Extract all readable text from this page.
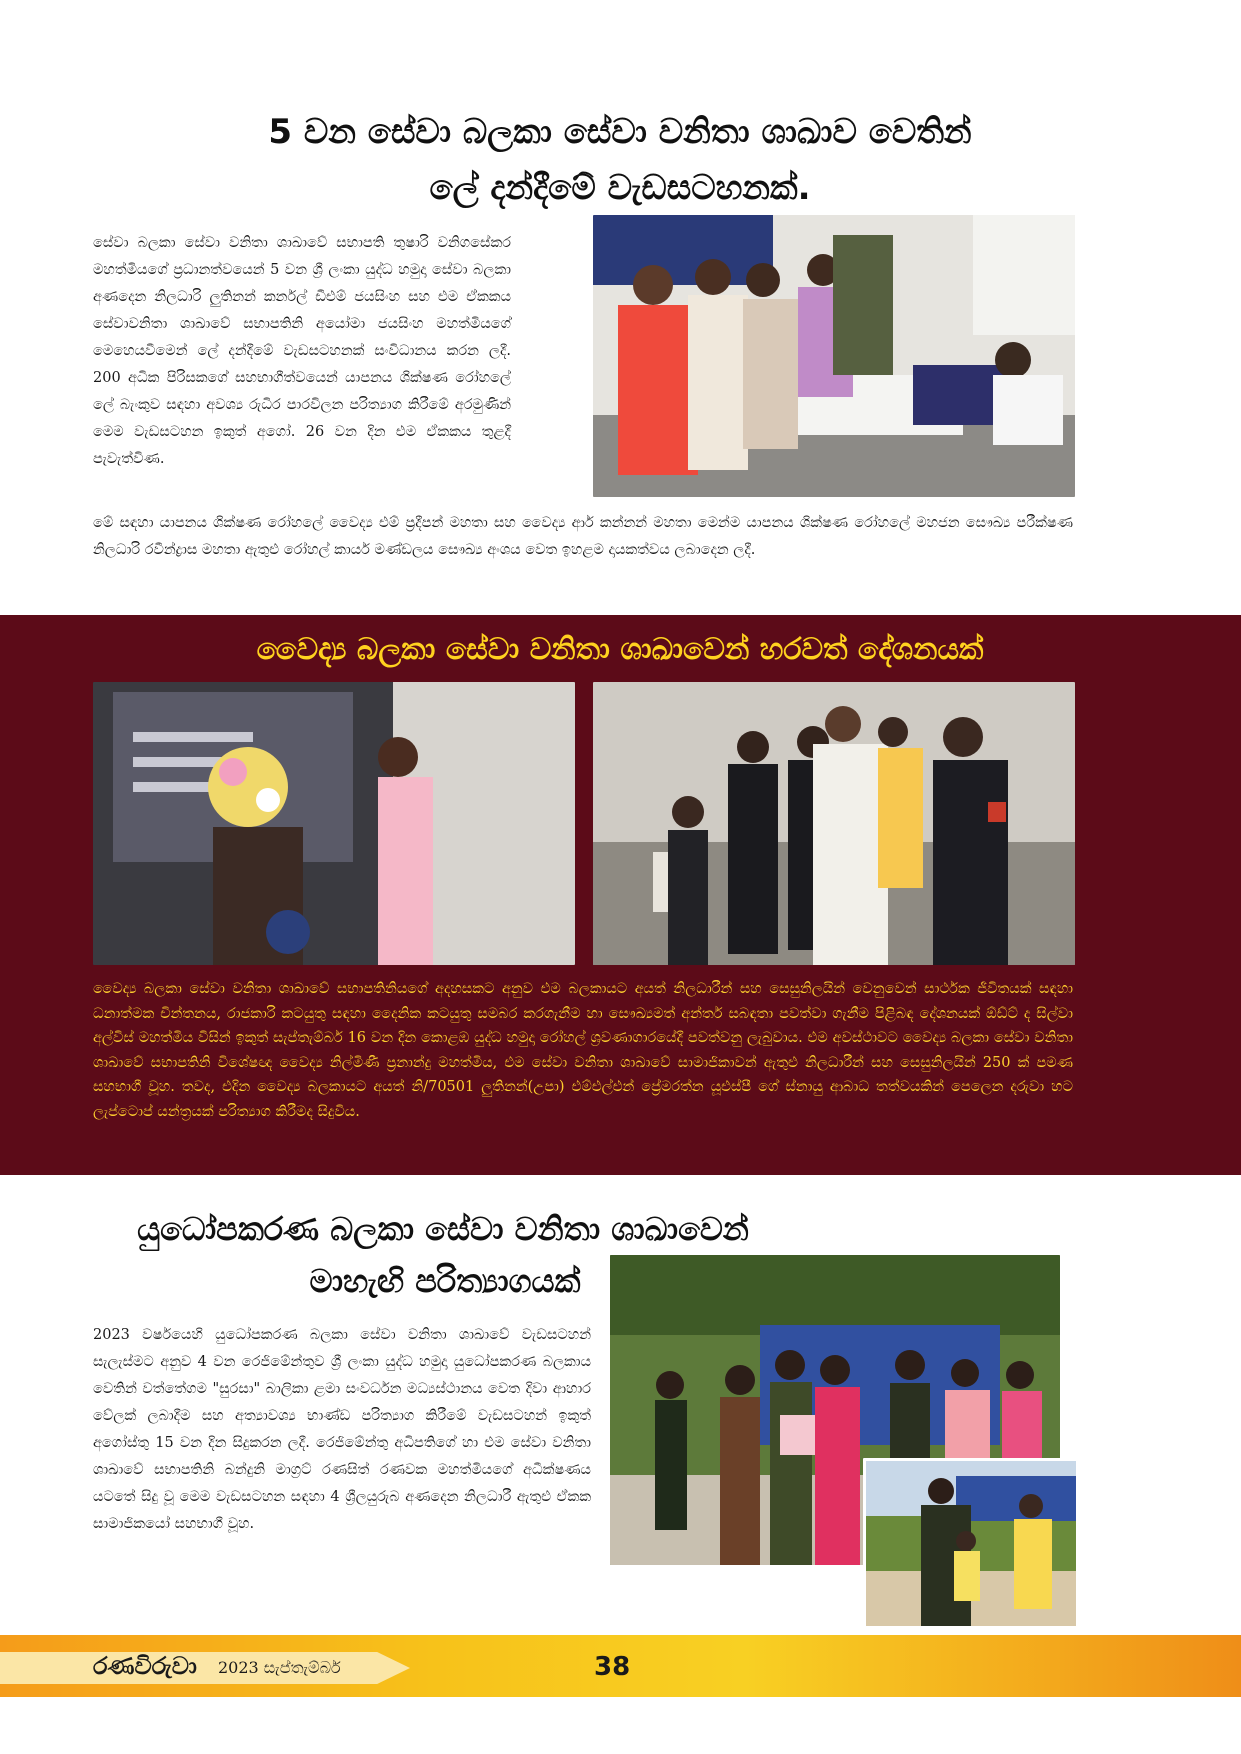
5 වන සේවා බලකා සේවා වනිතා ශාඛාව වෙතින්
ලේ දන්දීමේ වැඩසටහනක්.

සේවා බලකා සේවා වනිතා ශාඛාවේ සභාපති තුෂාරි වනිගසේකර මහත්මියගේ ප්‍රධානත්වයෙන් 5 වන ශ්‍රී ලංකා යුද්ධ හමුදා සේවා බලකා අණදෙන නිලධාරි ලුතිනන් කර්නල් ඩීඑම් ජයසිංහ සහ එම ඒකකය සේවාවනිතා ශාඛාවේ සභාපතිනි අයෝමා ජයසිංහ මහත්මියගේ මෙහෙයවීමෙන් ලේ දන්දීමේ වැඩසටහනක් සංවිධානය කරන ලදී. 200 අධික පිරිසකගේ සහභාගීත්වයෙන් යාපනය ශික්ෂණ රෝහලේ ලේ බැංකුව සඳහා අවශ්‍ය රුධිර පාරවිලන පරිත්‍යාග කිරීමේ අරමුණින් මෙම වැඩසටහන ඉකුත් අගෝ. 26 වන දින එම ඒකකය තුළදී පැවැත්විණ.

මේ සඳහා යාපනය ශික්ෂණ රෝහලේ වෛද්‍ය එම් ප්‍රදීපන් මහතා සහ වෛද්‍ය ආර් කන්නන් මහතා මෙන්ම යාපනය ශික්ෂණ රෝහලේ මහජන සෞඛ්‍ය පරීක්ෂණ නිලධාරි රවීන්ද්‍රාස මහතා ඇතුළු රෝහල් කාර්ය මණ්ඩලය සෞඛ්‍ය අංශය වෙත ඉහළම දායකත්වය ලබාදෙන ලදී.

වෛද්‍ය බලකා සේවා වනිතා ශාඛාවෙන් හරවත් දේශනයක්

වෛද්‍ය බලකා සේවා වනිතා ශාඛාවේ සභාපතිනියගේ අදහසකට අනුව එම බලකායට අයත් නිලධාරීන් සහ සෙසුනිලයින් වෙනුවෙන් සාර්ථක ජීවිතයක් සඳහා ධනාත්මක චින්තනය, රාජකාරි කටයුතු සඳහා දෛනික කටයුතු සමබර කරගැනීම හා සෞඛ්‍යමත් අන්තර් සබඳතා පවත්වා ගැනීම පිළිබඳ දේශනයක් ඕඩ්ට් ද සිල්වා අල්විස් මහත්මිය විසින් ඉකුත් සැප්තැම්බර් 16 වන දින කොළඹ යුද්ධ හමුදා රෝහල් ශ්‍රවණාගාරයේදී පවත්වනු ලැබුවාය. එම අවස්ථාවට වෛද්‍ය බලකා සේවා වනිතා ශාඛාවේ සභාපතිනි විශේෂඥ වෛද්‍ය නිල්මිණී ප්‍රනාන්දු මහත්මිය, එම සේවා වනිතා ශාඛාවේ සාමාජිකාවන් ඇතුළු නිලධාරීන් සහ සෙසුනිලයින් 250 ක් පමණ සහභාගී වූහ. තවද, එදින වෛද්‍ය බලකායට අයත් නි/70501 ලුතිනන්(උපා) එම්එල්එන් ප්‍රේමරත්න යූඑස්පී ගේ ස්නායු ආබාධ තත්වයකින් පෙලෙන දරුවා හට ලැප්ටොප් යන්ත්‍රයක් පරිත්‍යාග කිරීමද සිදුවිය.

යුධෝපකරණ බලකා සේවා වනිතා ශාඛාවෙන්
මාහැඟි පරිත්‍යාගයක්

2023 වර්ෂයෙහි යුධෝපකරණ බලකා සේවා වනිතා ශාඛාවේ වැඩසටහන් සැලැස්මට අනුව 4 වන රෙජිමේන්තුව ශ්‍රී ලංකා යුද්ධ හමුදා යුධෝපකරණ බලකාය වෙතින් වත්තේගම "සුරසා" බාලිකා ළමා සංවර්ධන මධ්‍යස්ථානය වෙත දිවා ආහාර වේලක් ලබාදීම සහ අත්‍යාවශ්‍ය භාණ්ඩ පරිත්‍යාග කිරීමේ වැඩසටහන් ඉකුත් අගෝස්තු 15 වන දින සිදුකරන ලදී. රෙජිමේන්තු අධිපතිගේ හා එම සේවා වනිතා ශාඛාවේ සභාපතිනි බන්දුනි මාග්‍රට් රණසිත් රණවක මහත්මියගේ අධීක්ෂණය යටතේ සිදු වූ මෙම වැඩසටහන සඳහා 4 ශ්‍රීලයුරුබ අණදෙන නිලධාරී ඇතුළු ඒකක සාමාජිකයෝ සහභාගී වූහ.

රණවිරුවා 2023 සැප්තැම්බර්	38
